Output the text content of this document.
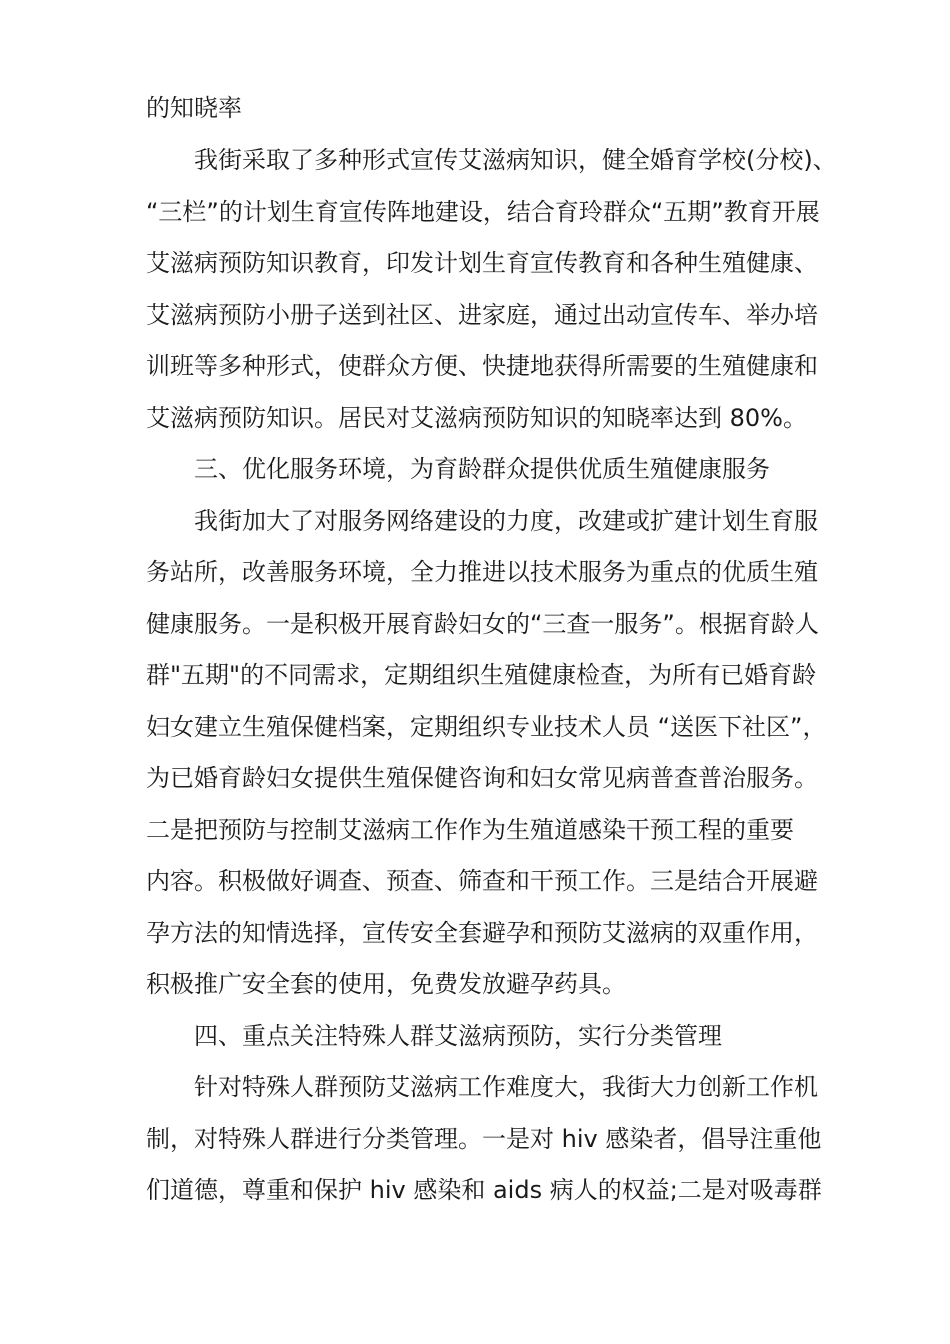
的知晓率
我街采取了多种形式宣传艾滋病知识，健全婚育学校(分校)、
“三栏”的计划生育宣传阵地建设，结合育玲群众“五期”教育开展
艾滋病预防知识教育，印发计划生育宣传教育和各种生殖健康、
艾滋病预防小册子送到社区、进家庭，通过出动宣传车、举办培
训班等多种形式，使群众方便、快捷地获得所需要的生殖健康和
艾滋病预防知识。居民对艾滋病预防知识的知晓率达到 80%。
三、优化服务环境，为育龄群众提供优质生殖健康服务
我街加大了对服务网络建设的力度，改建或扩建计划生育服
务站所，改善服务环境，全力推进以技术服务为重点的优质生殖
健康服务。一是积极开展育龄妇女的“三查一服务”。根据育龄人
群"五期"的不同需求，定期组织生殖健康检查，为所有已婚育龄
妇女建立生殖保健档案，定期组织专业技术人员 “送医下社区”，
为已婚育龄妇女提供生殖保健咨询和妇女常见病普查普治服务。
二是把预防与控制艾滋病工作作为生殖道感染干预工程的重要
内容。积极做好调查、预查、筛查和干预工作。三是结合开展避
孕方法的知情选择，宣传安全套避孕和预防艾滋病的双重作用，
积极推广安全套的使用，免费发放避孕药具。
四、重点关注特殊人群艾滋病预防，实行分类管理
针对特殊人群预防艾滋病工作难度大，我街大力创新工作机
制，对特殊人群进行分类管理。一是对 hiv 感染者，倡导注重他
们道德，尊重和保护 hiv 感染和 aids 病人的权益;二是对吸毒群
